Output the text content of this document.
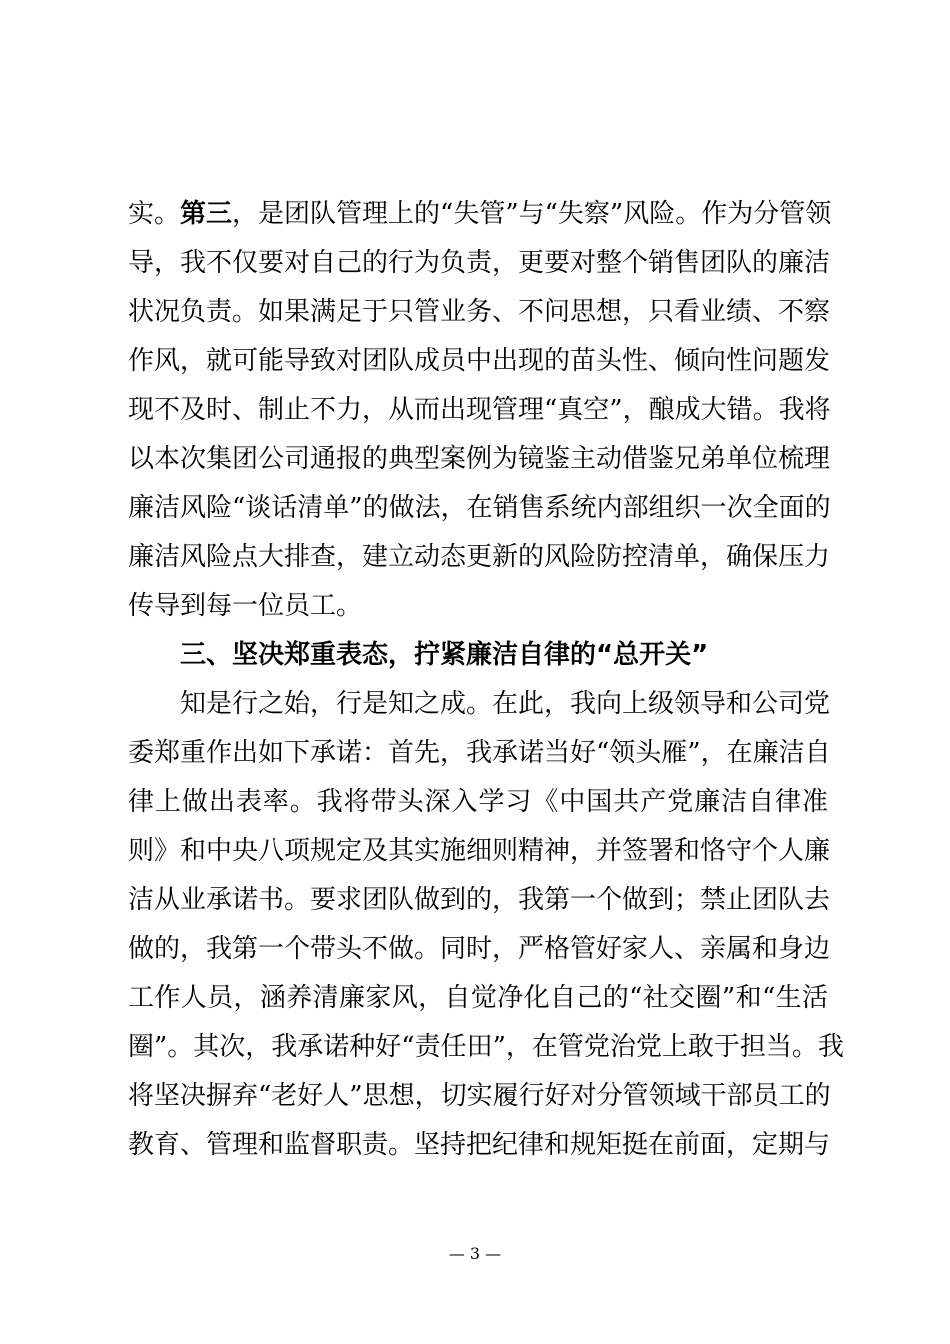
实。第三，是团队管理上的“失管”与“失察”风险。作为分管领
导，我不仅要对自己的行为负责，更要对整个销售团队的廉洁
状况负责。如果满足于只管业务、不问思想，只看业绩、不察
作风，就可能导致对团队成员中出现的苗头性、倾向性问题发
现不及时、制止不力，从而出现管理“真空”，酿成大错。我将
以本次集团公司通报的典型案例为镜鉴主动借鉴兄弟单位梳理
廉洁风险“谈话清单”的做法，在销售系统内部组织一次全面的
廉洁风险点大排查，建立动态更新的风险防控清单，确保压力
传导到每一位员工。
三、坚决郑重表态，拧紧廉洁自律的“总开关”
知是行之始，行是知之成。在此，我向上级领导和公司党
委郑重作出如下承诺：首先，我承诺当好“领头雁”，在廉洁自
律上做出表率。我将带头深入学习《中国共产党廉洁自律准
则》和中央八项规定及其实施细则精神，并签署和恪守个人廉
洁从业承诺书。要求团队做到的，我第一个做到；禁止团队去
做的，我第一个带头不做。同时，严格管好家人、亲属和身边
工作人员，涵养清廉家风，自觉净化自己的“社交圈”和“生活
圈”。其次，我承诺种好“责任田”，在管党治党上敢于担当。我
将坚决摒弃“老好人”思想，切实履行好对分管领域干部员工的
教育、管理和监督职责。坚持把纪律和规矩挺在前面，定期与
— 3 —
